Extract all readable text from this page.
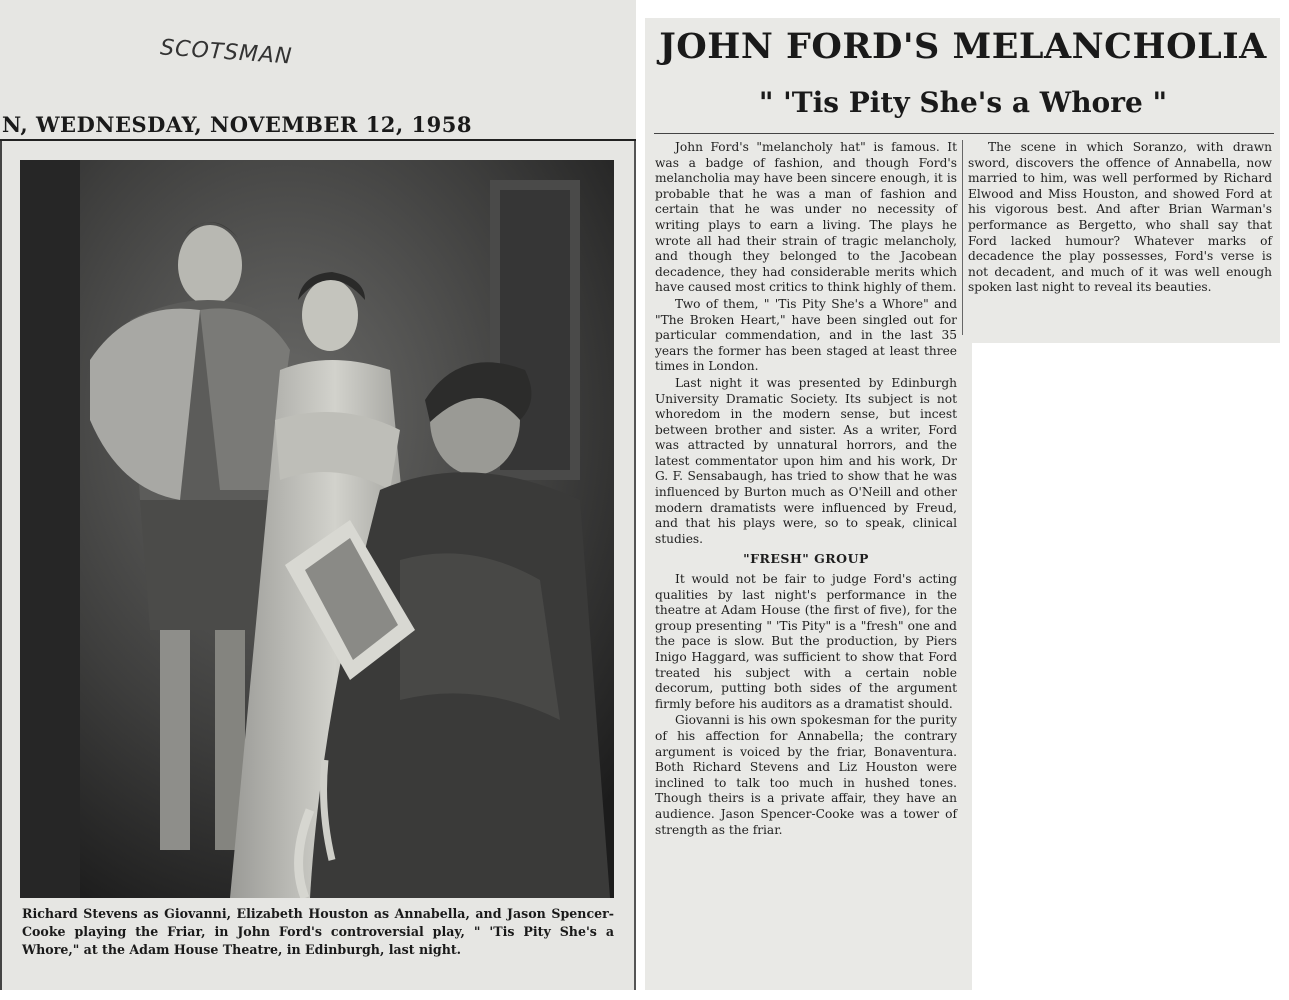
SCOTSMAN
N, WEDNESDAY, NOVEMBER 12, 1958
Richard Stevens as Giovanni, Elizabeth Houston as Annabella, and Jason Spencer-Cooke playing the Friar, in John Ford's controversial play, " 'Tis Pity She's a Whore," at the Adam House Theatre, in Edinburgh, last night.
JOHN FORD'S MELANCHOLIA
" 'Tis Pity She's a Whore "

John Ford's "melancholy hat" is famous. It was a badge of fashion, and though Ford's melancholia may have been sincere enough, it is probable that he was a man of fashion and certain that he was under no necessity of writing plays to earn a living. The plays he wrote all had their strain of tragic melancholy, and though they belonged to the Jacobean decadence, they had considerable merits which have caused most critics to think highly of them.

Two of them, " 'Tis Pity She's a Whore" and "The Broken Heart," have been singled out for particular commendation, and in the last 35 years the former has been staged at least three times in London.

Last night it was presented by Edinburgh University Dramatic Society. Its subject is not whoredom in the modern sense, but incest between brother and sister. As a writer, Ford was attracted by unnatural horrors, and the latest commentator upon him and his work, Dr G. F. Sensabaugh, has tried to show that he was influenced by Burton much as O'Neill and other modern dramatists were influenced by Freud, and that his plays were, so to speak, clinical studies.

"FRESH" GROUP

It would not be fair to judge Ford's acting qualities by last night's performance in the theatre at Adam House (the first of five), for the group presenting " 'Tis Pity" is a "fresh" one and the pace is slow. But the production, by Piers Inigo Haggard, was sufficient to show that Ford treated his subject with a certain noble decorum, putting both sides of the argument firmly before his auditors as a dramatist should.

Giovanni is his own spokesman for the purity of his affection for Annabella; the contrary argument is voiced by the friar, Bonaventura. Both Richard Stevens and Liz Houston were inclined to talk too much in hushed tones. Though theirs is a private affair, they have an audience. Jason Spencer-Cooke was a tower of strength as the friar.

The scene in which Soranzo, with drawn sword, discovers the offence of Annabella, now married to him, was well performed by Richard Elwood and Miss Houston, and showed Ford at his vigorous best. And after Brian Warman's performance as Bergetto, who shall say that Ford lacked humour? Whatever marks of decadence the play possesses, Ford's verse is not decadent, and much of it was well enough spoken last night to reveal its beauties.
